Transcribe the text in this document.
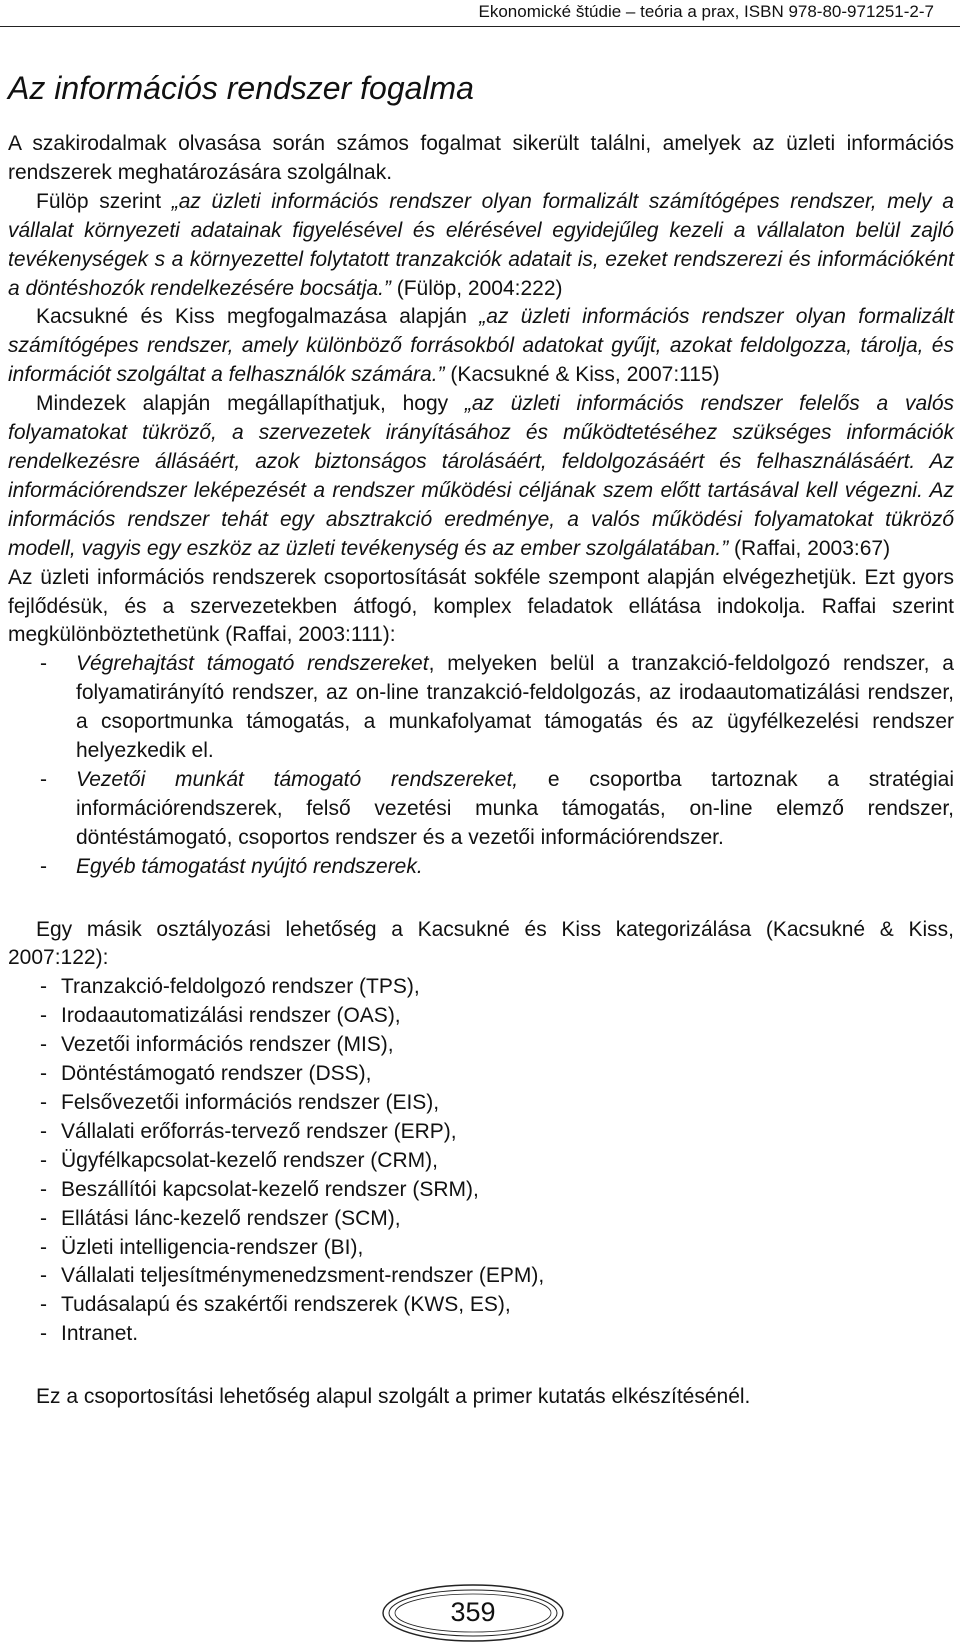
Ekonomické štúdie – teória a prax, ISBN 978-80-971251-2-7
Az információs rendszer fogalma

A szakirodalmak olvasása során számos fogalmat sikerült találni, amelyek az üzleti információs rendszerek meghatározására szolgálnak.

Fülöp szerint „az üzleti információs rendszer olyan formalizált számítógépes rendszer, mely a vállalat környezeti adatainak figyelésével és elérésével egyidejűleg kezeli a vállalaton belül zajló tevékenységek s a környezettel folytatott tranzakciók adatait is, ezeket rendszerezi és információként a döntéshozók rendelkezésére bocsátja.” (Fülöp, 2004:222)

Kacsukné és Kiss megfogalmazása alapján „az üzleti információs rendszer olyan formalizált számítógépes rendszer, amely különböző forrásokból adatokat gyűjt, azokat feldolgozza, tárolja, és információt szolgáltat a felhasználók számára.” (Kacsukné & Kiss, 2007:115)

Mindezek alapján megállapíthatjuk, hogy „az üzleti információs rendszer felelős a valós folyamatokat tükröző, a szervezetek irányításához és működtetéséhez szükséges információk rendelkezésre állásáért, azok biztonságos tárolásáért, feldolgozásáért és felhasználásáért. Az információrendszer leképezését a rendszer működési céljának szem előtt tartásával kell végezni. Az információs rendszer tehát egy absztrakció eredménye, a valós működési folyamatokat tükröző modell, vagyis egy eszköz az üzleti tevékenység és az ember szolgálatában.” (Raffai, 2003:67)

Az üzleti információs rendszerek csoportosítását sokféle szempont alapján elvégezhetjük. Ezt gyors fejlődésük, és a szervezetekben átfogó, komplex feladatok ellátása indokolja. Raffai szerint megkülönböztethetünk (Raffai, 2003:111):

- Végrehajtást támogató rendszereket, melyeken belül a tranzakció-feldolgozó rendszer, a folyamatirányító rendszer, az on-line tranzakció-feldolgozás, az irodaautomatizálási rendszer, a csoportmunka támogatás, a munkafolyamat támogatás és az ügyfélkezelési rendszer helyezkedik el.
- Vezetői munkát támogató rendszereket, e csoportba tartoznak a stratégiai információrendszerek, felső vezetési munka támogatás, on-line elemző rendszer, döntéstámogató, csoportos rendszer és a vezetői információrendszer.
- Egyéb támogatást nyújtó rendszerek.

Egy másik osztályozási lehetőség a Kacsukné és Kiss kategorizálása (Kacsukné & Kiss, 2007:122):

- Tranzakció-feldolgozó rendszer (TPS),
- Irodaautomatizálási rendszer (OAS),
- Vezetői információs rendszer (MIS),
- Döntéstámogató rendszer (DSS),
- Felsővezetői információs rendszer (EIS),
- Vállalati erőforrás-tervező rendszer (ERP),
- Ügyfélkapcsolat-kezelő rendszer (CRM),
- Beszállítói kapcsolat-kezelő rendszer (SRM),
- Ellátási lánc-kezelő rendszer (SCM),
- Üzleti intelligencia-rendszer (BI),
- Vállalati teljesítménymenedzsment-rendszer (EPM),
- Tudásalapú és szakértői rendszerek (KWS, ES),
- Intranet.

Ez a csoportosítási lehetőség alapul szolgált a primer kutatás elkészítésénél.

359
